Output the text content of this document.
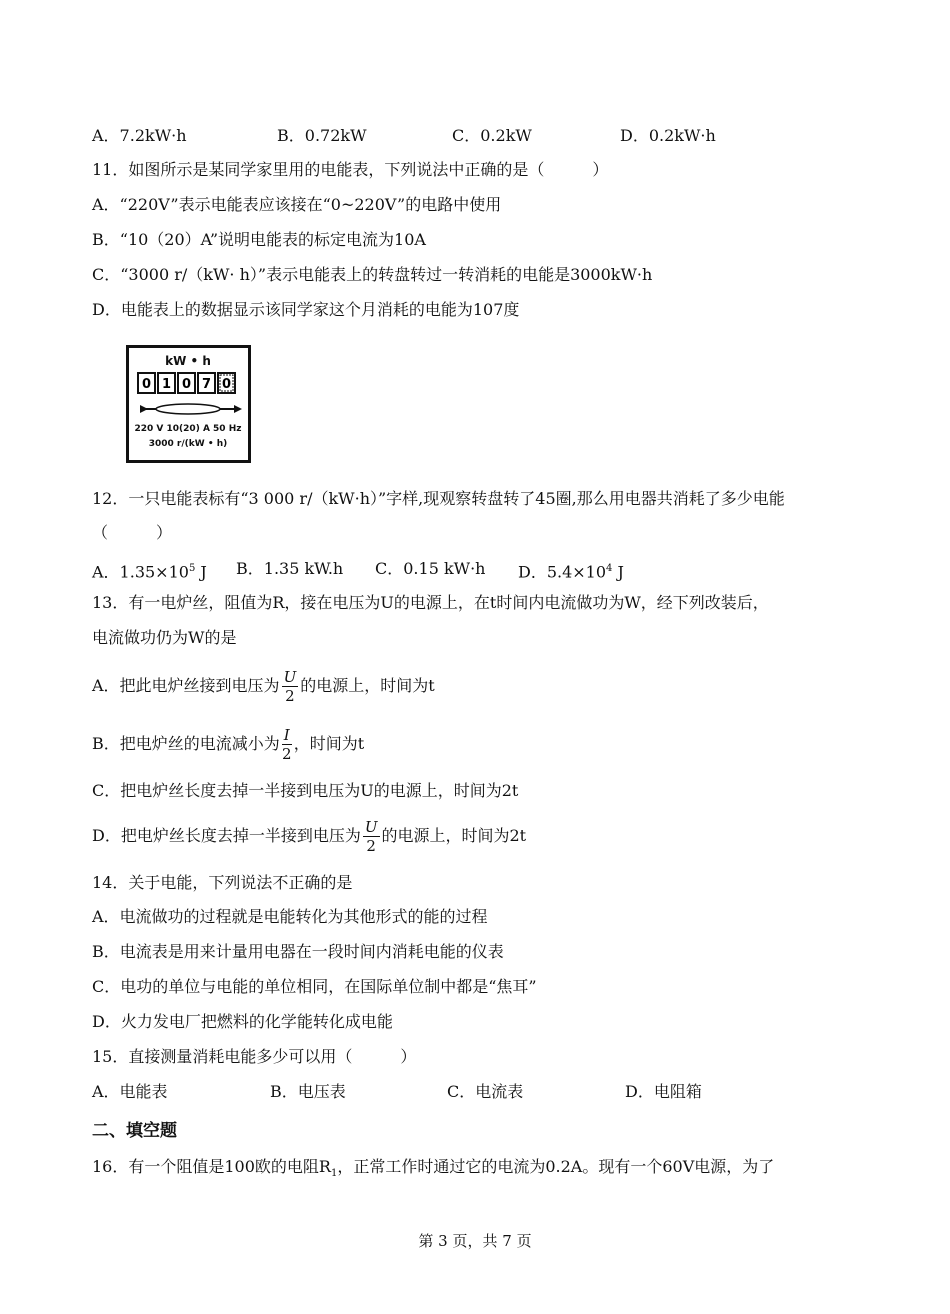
A．7.2kW·h	B．0.72kW	C．0.2kW	D．0.2kW·h
11．如图所示是某同学家里用的电能表，下列说法中正确的是（　　　）
A．“220V”表示电能表应该接在“0~220V”的电路中使用
B．“10（20）A”说明电能表的标定电流为10A
C．“3000 r/（kW· h）”表示电能表上的转盘转过一转消耗的电能是3000kW·h
D．电能表上的数据显示该同学家这个月消耗的电能为107度
kW • h
0 1 0 7 0
220 V 10(20) A 50 Hz
3000 r/(kW • h)
12．一只电能表标有“3 000 r/（kW·h）”字样,现观察转盘转了45圈,那么用电器共消耗了多少电能
（　　　）
A．$1.35\times 10^5$ J B．1.35 kW.h C．0.15 kW·h D．$5.4\times 10^4$ J
13．有一电炉丝，阻值为R，接在电压为U的电源上，在t时间内电流做功为W，经下列改装后，
电流做功仍为W的是
A．把此电炉丝接到电压为 $\frac{U}{2}$ 的电源上，时间为t
B．把电炉丝的电流减小为 $\frac{I}{2}$ ，时间为t
C．把电炉丝长度去掉一半接到电压为U的电源上，时间为2t
D．把电炉丝长度去掉一半接到电压为 $\frac{U}{2}$ 的电源上，时间为2t
14．关于电能，下列说法不正确的是
A．电流做功的过程就是电能转化为其他形式的能的过程
B．电流表是用来计量用电器在一段时间内消耗电能的仪表
C．电功的单位与电能的单位相同，在国际单位制中都是“焦耳”
D．火力发电厂把燃料的化学能转化成电能
15．直接测量消耗电能多少可以用（　　　）
A．电能表	B．电压表	C．电流表	D．电阻箱
二、填空题
16．有一个阻值是100欧的电阻$R_1$，正常工作时通过它的电流为0.2A。现有一个60V电源，为了
第 3 页，共 7 页
